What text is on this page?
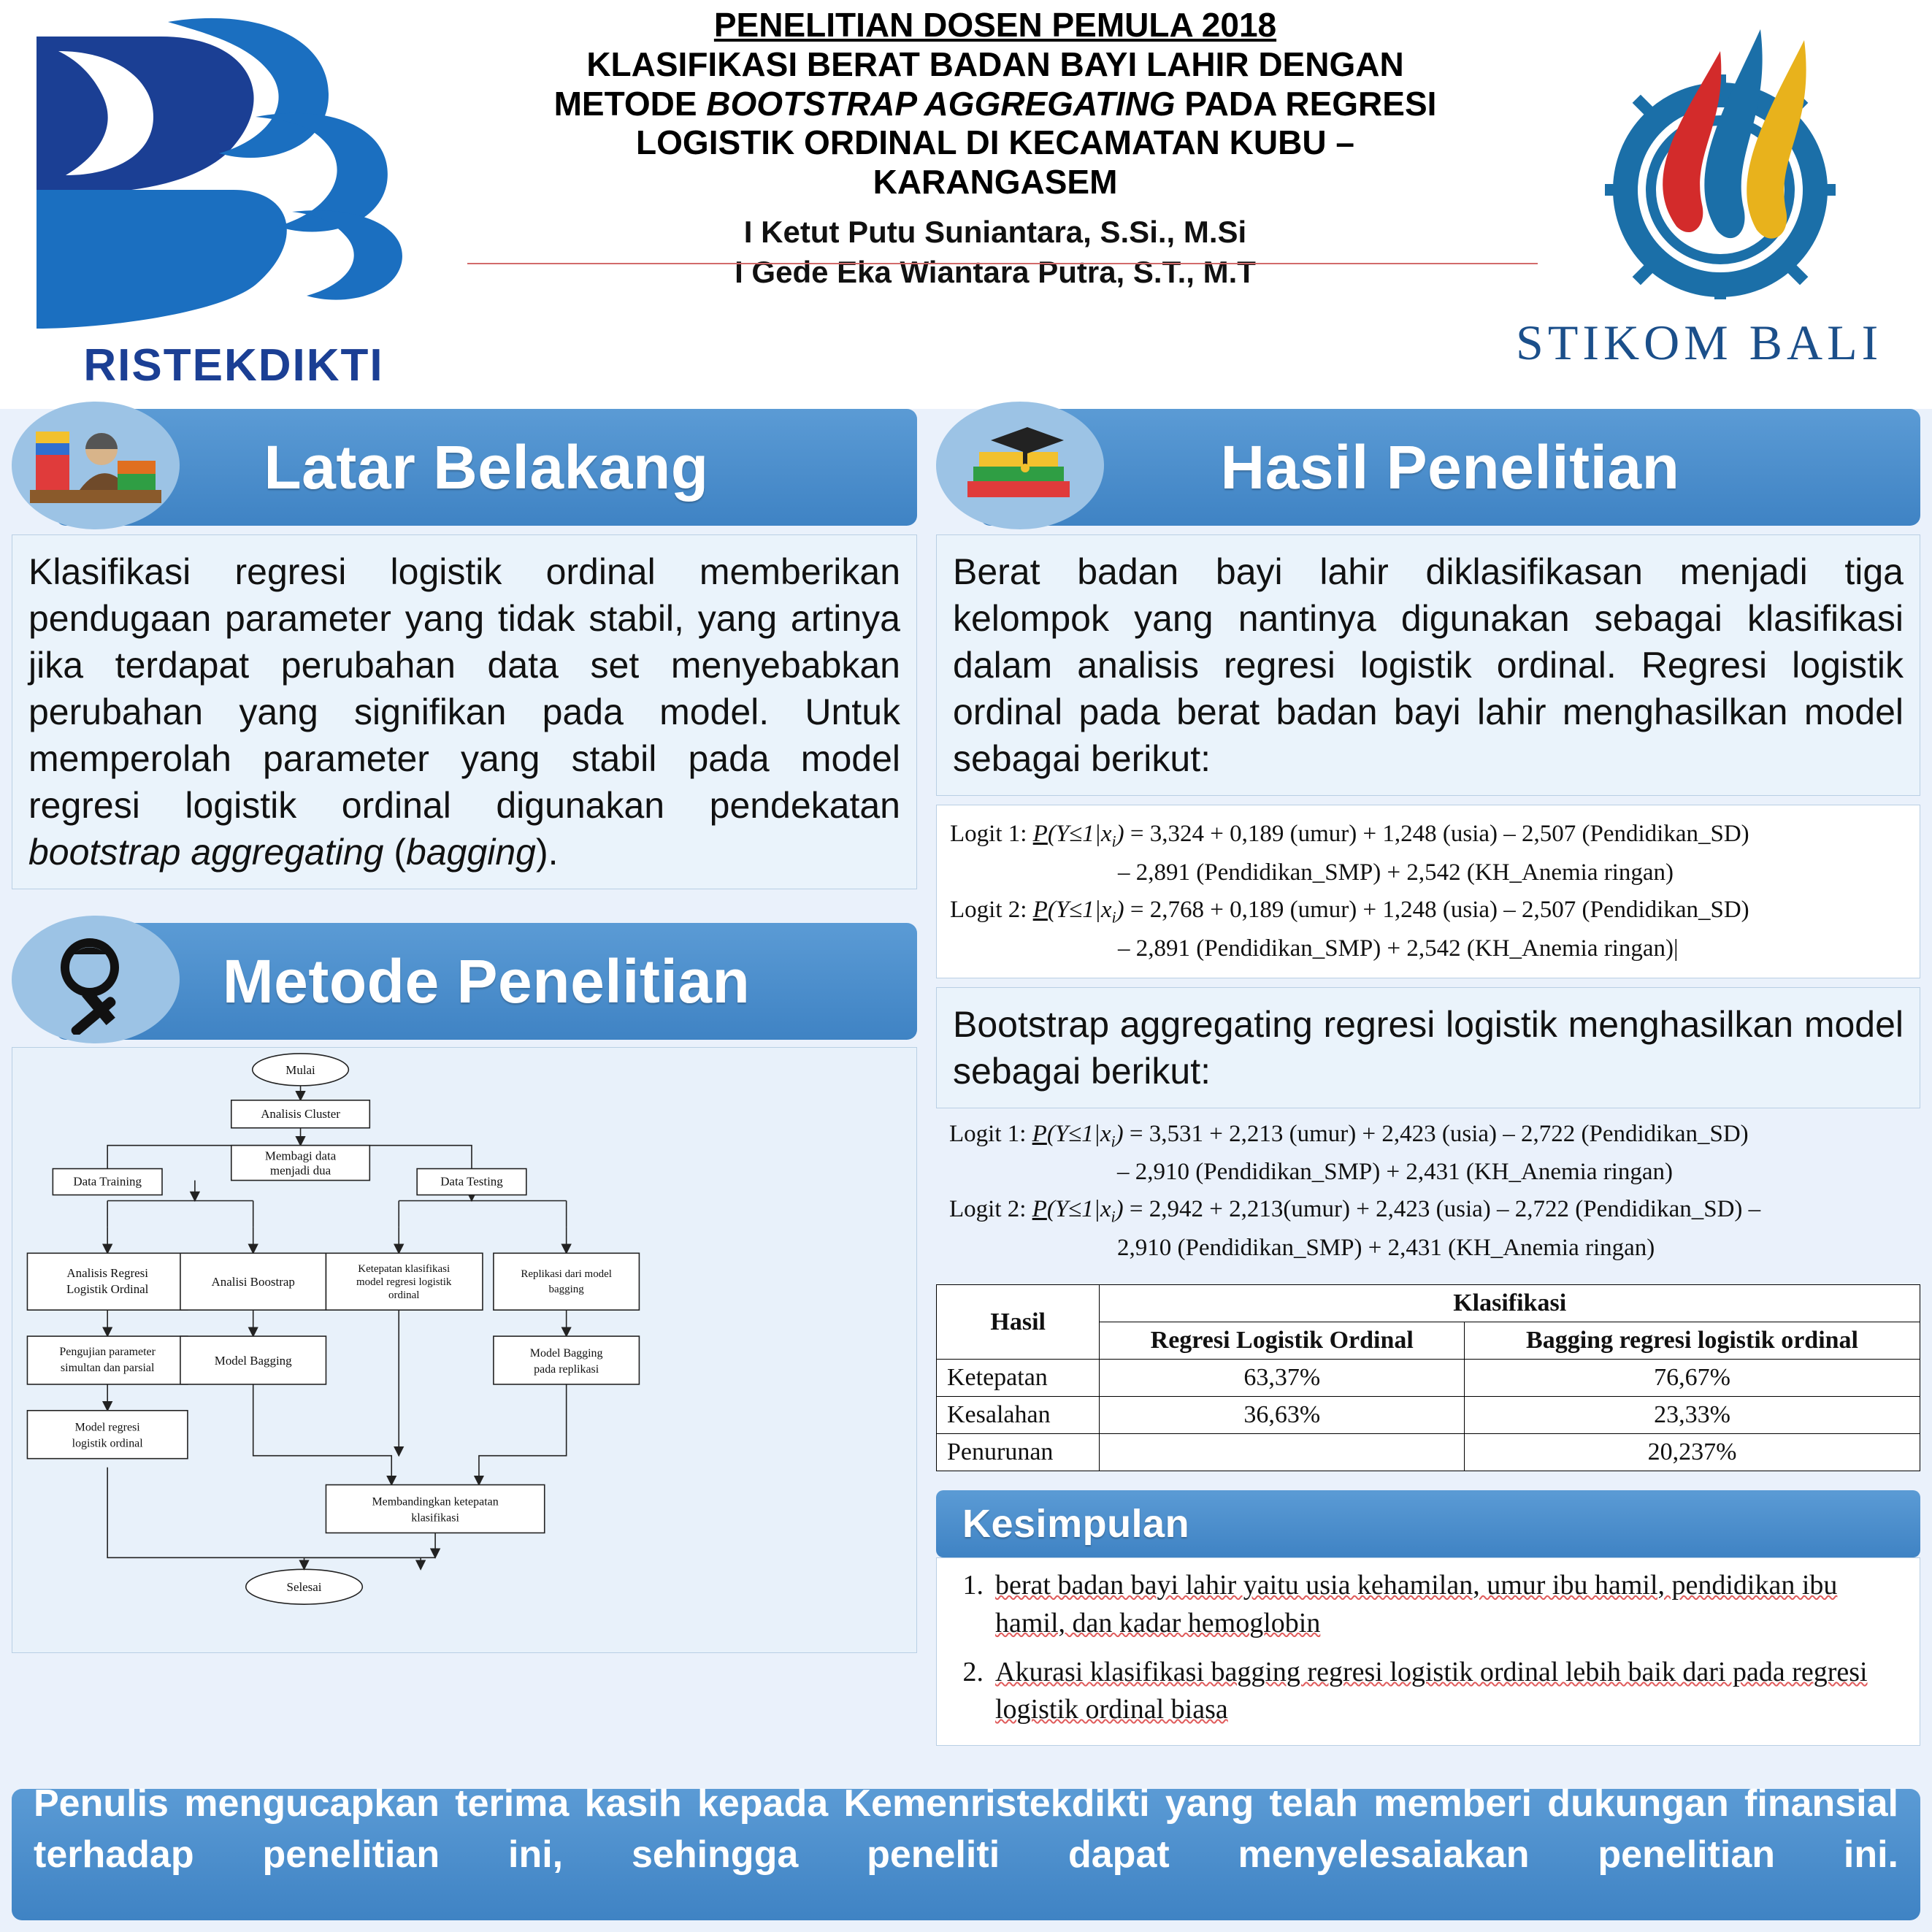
RISTEKDIKTI
PENELITIAN DOSEN PEMULA 2018
KLASIFIKASI BERAT BADAN BAYI LAHIR DENGAN
METODE BOOTSTRAP AGGREGATING PADA REGRESI
LOGISTIK ORDINAL DI KECAMATAN KUBU –
KARANGASEM
I Ketut Putu Suniantara, S.Si., M.Si
I Gede Eka Wiantara Putra, S.T., M.T
STIKOM BALI
Latar Belakang

Klasifikasi regresi logistik ordinal memberikan pendugaan parameter yang tidak stabil, yang artinya jika terdapat perubahan data set menyebabkan perubahan yang signifikan pada model. Untuk memperolah parameter yang stabil pada model regresi logistik ordinal digunakan pendekatan bootstrap aggregating (bagging).

Metode Penelitian
Mulai
Analisis Cluster
Membagi data
menjadi dua
Data Training	Data Testing
Analisis Regresi
Logistik Ordinal
Analisi Boostrap
Ketepatan klasifikasi
model regresi logistik
ordinal
Replikasi dari model
bagging
Pengujian parameter
simultan dan parsial
Model Bagging
Model Bagging
pada replikasi
Model regresi
logistik ordinal
Membandingkan ketepatan
klasifikasi
Selesai
Hasil Penelitian

Berat badan bayi lahir diklasifikasan menjadi tiga kelompok yang nantinya digunakan sebagai klasifikasi dalam analisis regresi logistik ordinal. Regresi logistik ordinal pada berat badan bayi lahir menghasilkan model sebagai berikut:

Logit 1: $P(Y\le 1|x_i) = 3,324 + 0,189$ (umur) + 1,248 (usia) – 2,507 (Pendidikan_SD)
– 2,891 (Pendidikan_SMP) + 2,542 (KH_Anemia ringan)
Logit 2: $P(Y\le 1|x_i) = 2,768 + 0,189$ (umur) + 1,248 (usia) – 2,507 (Pendidikan_SD)
– 2,891 (Pendidikan_SMP) + 2,542 (KH_Anemia ringan)|

Bootstrap aggregating regresi logistik menghasilkan model sebagai berikut:

Logit 1: $P(Y\le 1|x_i) = 3,531 + 2,213$ (umur) + 2,423 (usia) – 2,722 (Pendidikan_SD)
– 2,910 (Pendidikan_SMP) + 2,431 (KH_Anemia ringan)
Logit 2: $P(Y\le 1|x_i) = 2,942$ + 2,213(umur) + 2,423 (usia) – 2,722 (Pendidikan_SD) –
2,910 (Pendidikan_SMP) + 2,431 (KH_Anemia ringan)
Hasil	Klasifikasi	
	Regresi Logistik Ordinal	Bagging regresi logistik ordinal
Ketepatan	63,37%	76,67%
Kesalahan	36,63%	23,33%
Penurunan		20,237%
Kesimpulan
1. berat badan bayi lahir yaitu usia kehamilan, umur ibu hamil, pendidikan ibu hamil, dan kadar hemoglobin
2. Akurasi klasifikasi bagging regresi logistik ordinal lebih baik dari pada regresi logistik ordinal biasa

Penulis mengucapkan terima kasih kepada Kemenristekdikti yang telah memberi dukungan finansial terhadap penelitian ini, sehingga peneliti dapat menyelesaiakan penelitian ini.
